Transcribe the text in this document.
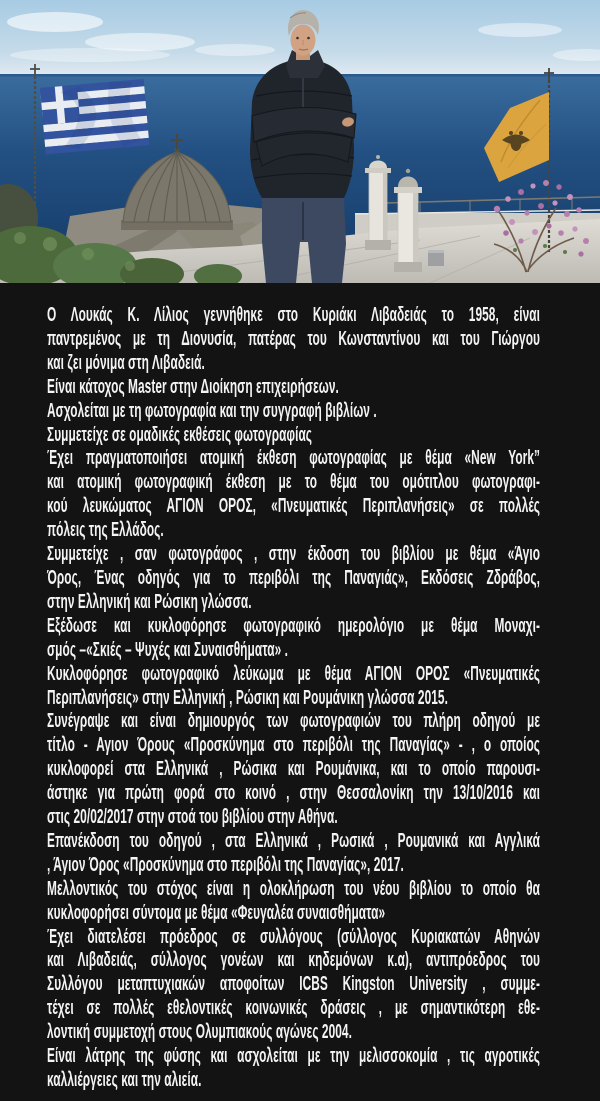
Ο Λουκάς Κ. Λίλιος γεννήθηκε στο Κυριάκι Λιβαδειάς το 1958, είναι
παντρεμένος με τη Διονυσία, πατέρας του Κωνσταντίνου και του Γιώργου
και ζει μόνιμα στη Λιβαδειά.
Είναι κάτοχος Master στην Διοίκηση επιχειρήσεων.
Ασχολείται με τη φωτογραφία και την συγγραφή βιβλίων .
Συμμετείχε σε ομαδικές εκθέσεις φωτογραφίας
Έχει πραγματοποιήσει ατομική έκθεση φωτογραφίας με θέμα «New York”
και ατομική φωτογραφική έκθεση με το θέμα του ομότιτλου φωτογραφι-
κού λευκώματος ΑΓΙΟΝ ΟΡΟΣ, «Πνευματικές Περιπλανήσεις» σε πολλές
πόλεις της Ελλάδος.
Συμμετείχε , σαν φωτογράφος , στην έκδοση του βιβλίου με θέμα «Άγιο
Όρος, Ένας οδηγός για το περιβόλι της Παναγιάς», Εκδόσεις Ζδράβος,
στην Ελληνική και Ρώσικη γλώσσα.
Εξέδωσε και κυκλοφόρησε φωτογραφικό ημερολόγιο με θέμα Μοναχι-
σμός –«Σκιές – Ψυχές και Συναισθήματα» .
Κυκλοφόρησε φωτογραφικό λεύκωμα με θέμα ΑΓΙΟΝ ΟΡΟΣ «Πνευματικές
Περιπλανήσεις» στην Ελληνική , Ρώσικη και Ρουμάνικη γλώσσα 2015.
Συνέγραψε και είναι δημιουργός των φωτογραφιών του πλήρη οδηγού με
τίτλο - Αγιον Όρους «Προσκύνημα στο περιβόλι της Παναγίας» - , ο οποίος
κυκλοφορεί στα Ελληνικά , Ρώσικα και Ρουμάνικα, και το οποίο παρουσι-
άστηκε για πρώτη φορά στο κοινό , στην Θεσσαλονίκη την 13/10/2016 και
στις 20/02/2017 στην στοά του βιβλίου στην Αθήνα.
Επανέκδοση του οδηγού , στα Ελληνικά , Ρωσικά , Ρουμανικά και Αγγλικά
, Άγιον Όρος «Προσκύνημα στο περιβόλι της Παναγίας», 2017.
Μελλοντικός του στόχος είναι η ολοκλήρωση του νέου βιβλίου το οποίο θα
κυκλοφορήσει σύντομα με θέμα «Φευγαλέα συναισθήματα»
Έχει διατελέσει πρόεδρος σε συλλόγους (σύλλογος Κυριακατών Αθηνών
και Λιβαδειάς, σύλλογος γονέων και κηδεμόνων κ.α), αντιπρόεδρος του
Συλλόγου μεταπτυχιακών αποφοίτων ICBS Kingston University , συμμε-
τέχει σε πολλές εθελοντικές κοινωνικές δράσεις , με σημαντικότερη εθε-
λοντική συμμετοχή στους Ολυμπιακούς αγώνες 2004.
Είναι λάτρης της φύσης και ασχολείται με την μελισσοκομία , τις αγροτικές
καλλιέργειες και την αλιεία.
